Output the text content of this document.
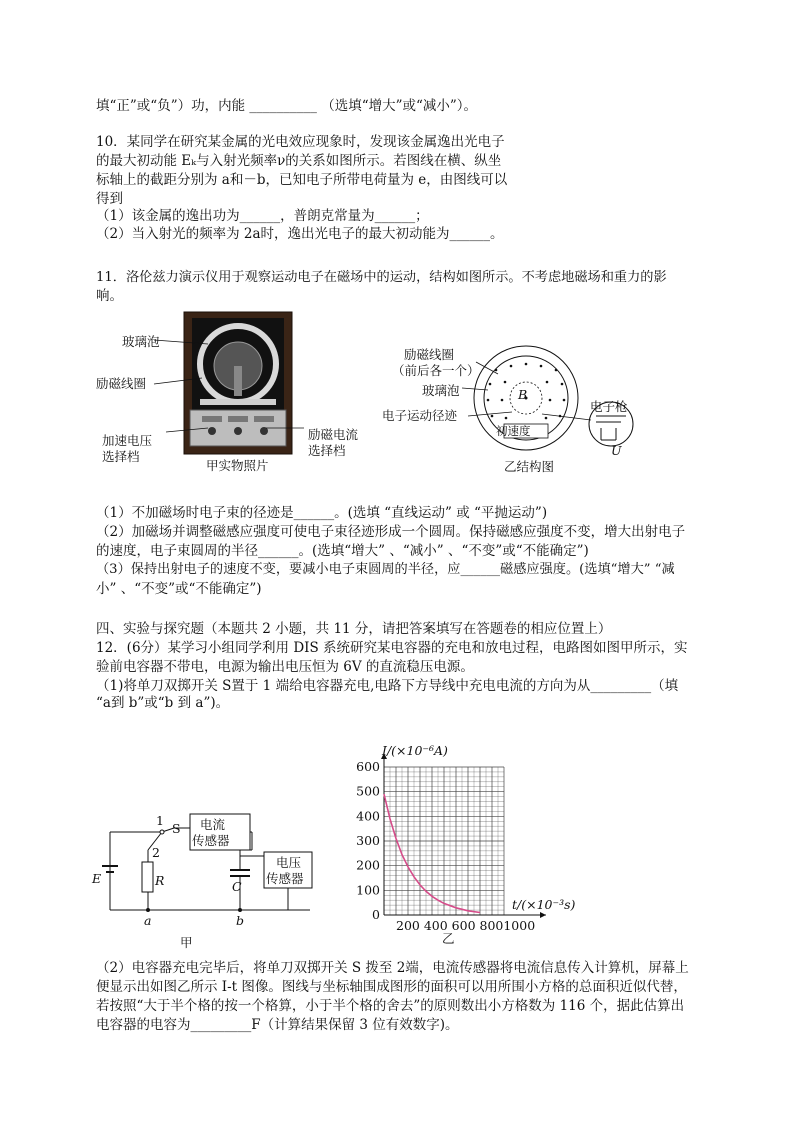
填“正”或“负”）功，内能 __________ （选填“增大”或“减小”）。
10．某同学在研究某金属的光电效应现象时，发现该金属逸出光电子
的最大初动能 Eₖ与入射光频率ν的关系如图所示。若图线在横、纵坐
标轴上的截距分别为 a和－b，已知电子所带电荷量为 e，由图线可以
得到
（1）该金属的逸出功为______，普朗克常量为______；
（2）当入射光的频率为 2a时，逸出光电子的最大初动能为______。
11．洛伦兹力演示仪用于观察运动电子在磁场中的运动，结构如图所示。不考虑地磁场和重力的影
响。
玻璃泡
励磁线圈
加速电压
选择档
励磁电流
选择档
甲实物照片
励磁线圈
（前后各一个）
玻璃泡
电子运动径迹
电子枪
初速度
B
U
乙结构图
（1）不加磁场时电子束的径迹是______。(选填 “直线运动” 或 “平抛运动”)
（2）加磁场并调整磁感应强度可使电子束径迹形成一个圆周。保持磁感应强度不变，增大出射电子
的速度，电子束圆周的半径______。(选填“增大” 、“减小” 、“不变”或“不能确定”)
（3）保持出射电子的速度不变，要减小电子束圆周的半径，应______磁感应强度。(选填“增大” “减
小” 、“不变”或“不能确定”)
四、实验与探究题（本题共 2 小题，共 11 分，请把答案填写在答题卷的相应位置上）
12．(6分）某学习小组同学利用 DIS 系统研究某电容器的充电和放电过程，电路图如图甲所示，实
验前电容器不带电，电源为输出电压恒为 6V 的直流稳压电源。
（1)将单刀双掷开关 S置于 1 端给电容器充电,电路下方导线中充电电流的方向为从_________（填
“a到 b”或“b 到 a”)。
电流
传感器
电压
传感器
E	R	C
S
1
2
a	b
甲
600
500
400
300
200
100
0
200 400 600 8001000
I/(×10⁻⁶A)
t/(×10⁻³s)
乙
（2）电容器充电完毕后，将单刀双掷开关 S 拨至 2端，电流传感器将电流信息传入计算机，屏幕上
便显示出如图乙所示 I-t 图像。图线与坐标轴围成图形的面积可以用所围小方格的总面积近似代替，
若按照“大于半个格的按一个格算，小于半个格的舍去”的原则数出小方格数为 116 个，据此估算出
电容器的电容为_________F（计算结果保留 3 位有效数字)。
